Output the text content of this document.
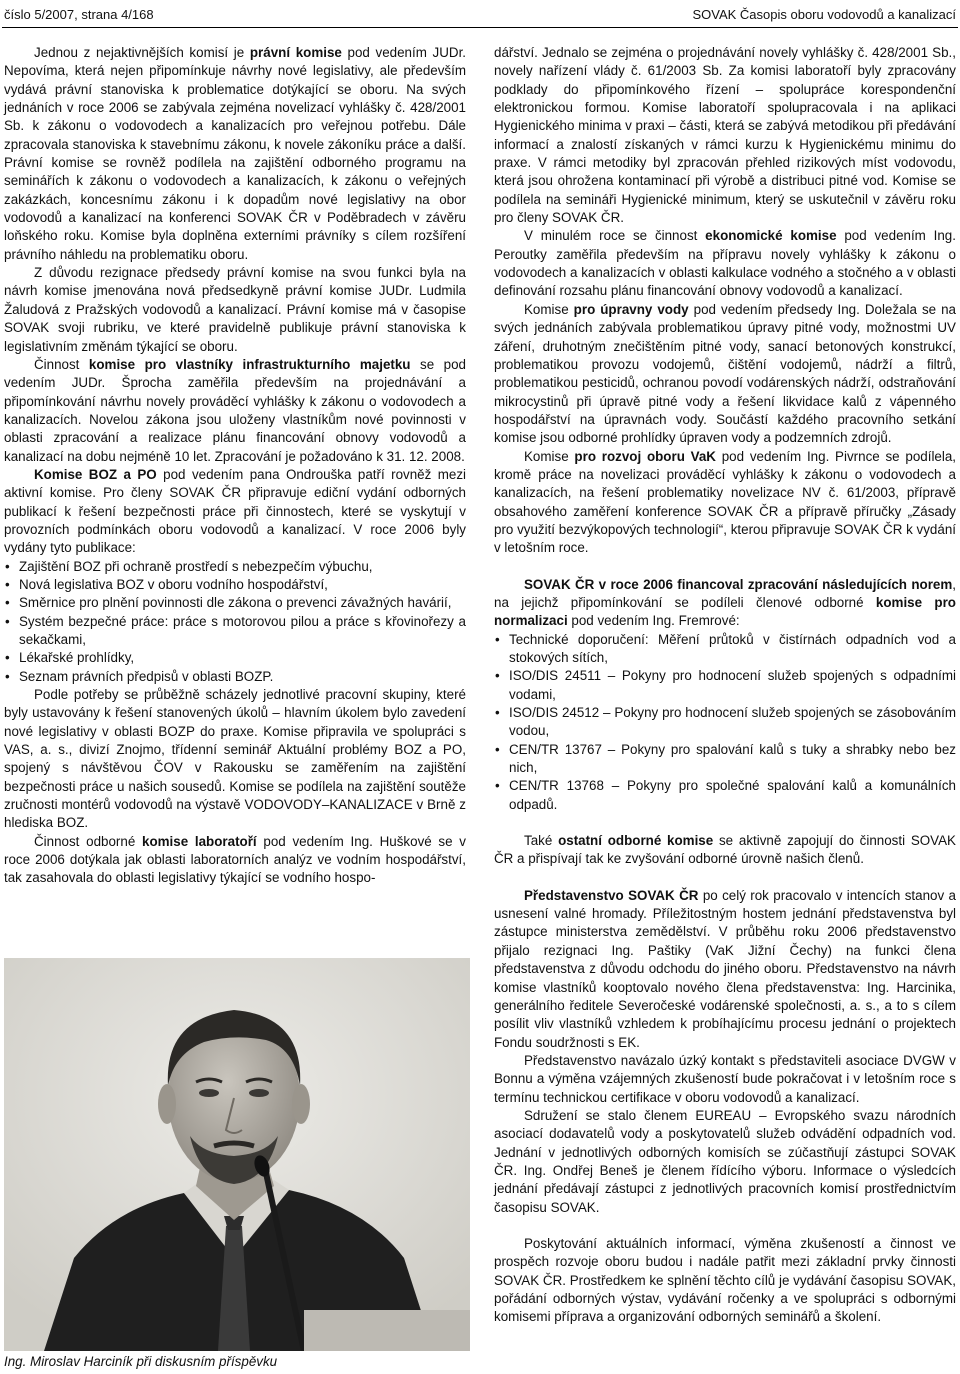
číslo 5/2007, strana 4/168	SOVAK Časopis oboru vodovodů a kanalizací

Jednou z nejaktivnějších komisí je právní komise pod vedením JUDr. Nepovíma, která nejen připomínkuje návrhy nové legislativy, ale především vydává právní stanoviska k problematice dotýkající se oboru. Na svých jednáních v roce 2006 se zabývala zejména novelizací vyhlášky č. 428/2001 Sb. k zákonu o vodovodech a kanalizacích pro veřejnou potřebu. Dále zpracovala stanoviska k stavebnímu zákonu, k novele zákoníku práce a další. Právní komise se rovněž podílela na zajištění odborného programu na seminářích k zákonu o vodovodech a kanalizacích, k zákonu o veřejných zakázkách, koncesnímu zákonu i k dopadům nové legislativy na obor vodovodů a kanalizací na konferenci SOVAK ČR v Poděbradech v závěru loňského roku. Komise byla doplněna externími právníky s cílem rozšíření právního náhledu na problematiku oboru.

Z důvodu rezignace předsedy právní komise na svou funkci byla na návrh komise jmenována nová předsedkyně právní komise JUDr. Ludmila Žaludová z Pražských vodovodů a kanalizací. Právní komise má v časopise SOVAK svoji rubriku, ve které pravidelně publikuje právní stanoviska k legislativním změnám týkající se oboru.

Činnost komise pro vlastníky infrastrukturního majetku se pod vedením JUDr. Šprocha zaměřila především na projednávání a připomínkování návrhu novely prováděcí vyhlášky k zákonu o vodovodech a kanalizacích. Novelou zákona jsou uloženy vlastníkům nové povinnosti v oblasti zpracování a realizace plánu financování obnovy vodovodů a kanalizací na dobu nejméně 10 let. Zpracování je požadováno k 31. 12. 2008.

Komise BOZ a PO pod vedením pana Ondrouška patří rovněž mezi aktivní komise. Pro členy SOVAK ČR připravuje ediční vydání odborných publikací k řešení bezpečnosti práce při činnostech, které se vyskytují v provozních podmínkách oboru vodovodů a kanalizací. V roce 2006 byly vydány tyto publikace:

• Zajištění BOZ při ochraně prostředí s nebezpečím výbuchu,
• Nová legislativa BOZ v oboru vodního hospodářství,
• Směrnice pro plnění povinnosti dle zákona o prevenci závažných havárií,
• Systém bezpečné práce: práce s motorovou pilou a práce s křovinořezy a sekačkami,
• Lékařské prohlídky,
• Seznam právních předpisů v oblasti BOZP.

Podle potřeby se průběžně scházely jednotlivé pracovní skupiny, které byly ustavovány k řešení stanovených úkolů – hlavním úkolem bylo zavedení nové legislativy v oblasti BOZP do praxe. Komise připravila ve spolupráci s VAS, a. s., divizí Znojmo, třídenní seminář Aktuální problémy BOZ a PO, spojený s návštěvou ČOV v Rakousku se zaměřením na zajištění bezpečnosti práce u našich sousedů. Komise se podílela na zajištění soutěže zručnosti montérů vodovodů na výstavě VODOVODY–KANALIZACE v Brně z hlediska BOZ.

Činnost odborné komise laboratoří pod vedením Ing. Huškové se v roce 2006 dotýkala jak oblasti laboratorních analýz ve vodním hospodářství, tak zasahovala do oblasti legislativy týkající se vodního hospo-

Ing. Miroslav Harciník při diskusním příspěvku

dářství. Jednalo se zejména o projednávání novely vyhlášky č. 428/2001 Sb., novely nařízení vlády č. 61/2003 Sb. Za komisi laboratoří byly zpracovány podklady do připomínkového řízení – spolupráce korespondenční elektronickou formou. Komise laboratoří spolupracovala i na aplikaci Hygienického minima v praxi – části, která se zabývá metodikou při předávání informací a znalostí získaných v rámci kurzu k Hygienickému minimu do praxe. V rámci metodiky byl zpracován přehled rizikových míst vodovodu, která jsou ohrožena kontaminací při výrobě a distribuci pitné vod. Komise se podílela na semináři Hygienické minimum, který se uskutečnil v závěru roku pro členy SOVAK ČR.

V minulém roce se činnost ekonomické komise pod vedením Ing. Peroutky zaměřila především na přípravu novely vyhlášky k zákonu o vodovodech a kanalizacích v oblasti kalkulace vodného a stočného a v oblasti definování rozsahu plánu financování obnovy vodovodů a kanalizací.

Komise pro úpravny vody pod vedením předsedy Ing. Doležala se na svých jednáních zabývala problematikou úpravy pitné vody, možnostmi UV záření, druhotným znečištěním pitné vody, sanací betonových konstrukcí, problematikou provozu vodojemů, čištění vodojemů, nádrží a filtrů, problematikou pesticidů, ochranou povodí vodárenských nádrží, odstraňování mikrocystinů při úpravě pitné vody a řešení likvidace kalů z vápenného hospodářství na úpravnách vody. Součástí každého pracovního setkání komise jsou odborné prohlídky úpraven vody a podzemních zdrojů.

Komise pro rozvoj oboru VaK pod vedením Ing. Pivrnce se podílela, kromě práce na novelizaci prováděcí vyhlášky k zákonu o vodovodech a kanalizacích, na řešení problematiky novelizace NV č. 61/2003, přípravě obsahového zaměření konference SOVAK ČR a přípravě příručky „Zásady pro využití bezvýkopových technologií“, kterou připravuje SOVAK ČR k vydání v letošním roce.

SOVAK ČR v roce 2006 financoval zpracování následujících norem, na jejichž připomínkování se podíleli členové odborné komise pro normalizaci pod vedením Ing. Fremrové:

• Technické doporučení: Měření průtoků v čistírnách odpadních vod a stokových sítích,
• ISO/DIS 24511 – Pokyny pro hodnocení služeb spojených s odpadními vodami,
• ISO/DIS 24512 – Pokyny pro hodnocení služeb spojených se zásobováním vodou,
• CEN/TR 13767 – Pokyny pro spalování kalů s tuky a shrabky nebo bez nich,
• CEN/TR 13768 – Pokyny pro společné spalování kalů a komunálních odpadů.

Také ostatní odborné komise se aktivně zapojují do činnosti SOVAK ČR a přispívají tak ke zvyšování odborné úrovně našich členů.

Představenstvo SOVAK ČR po celý rok pracovalo v intencích stanov a usnesení valné hromady. Příležitostným hostem jednání představenstva byl zástupce ministerstva zemědělství. V průběhu roku 2006 představenstvo přijalo rezignaci Ing. Paštiky (VaK Jižní Čechy) na funkci člena představenstva z důvodu odchodu do jiného oboru. Představenstvo na návrh komise vlastníků kooptovalo nového člena představenstva: Ing. Harcinika, generálního ředitele Severočeské vodárenské společnosti, a. s., a to s cílem posílit vliv vlastníků vzhledem k probíhajícímu procesu jednání o projektech Fondu soudržnosti s EK.

Představenstvo navázalo úzký kontakt s představiteli asociace DVGW v Bonnu a výměna vzájemných zkušeností bude pokračovat i v letošním roce s termínu technickou certifikace v oboru vodovodů a kanalizací.

Sdružení se stalo členem EUREAU – Evropského svazu národních asociací dodavatelů vody a poskytovatelů služeb odvádění odpadních vod. Jednání v jednotlivých odborných komisích se zúčastňují zástupci SOVAK ČR. Ing. Ondřej Beneš je členem řídícího výboru. Informace o výsledcích jednání předávají zástupci z jednotlivých pracovních komisí prostřednictvím časopisu SOVAK.

Poskytování aktuálních informací, výměna zkušeností a činnost ve prospěch rozvoje oboru budou i nadále patřit mezi základní prvky činnosti SOVAK ČR. Prostředkem ke splnění těchto cílů je vydávání časopisu SOVAK, pořádání odborných výstav, vydávání ročenky a ve spolupráci s odbornými komisemi příprava a organizování odborných seminářů a školení.
